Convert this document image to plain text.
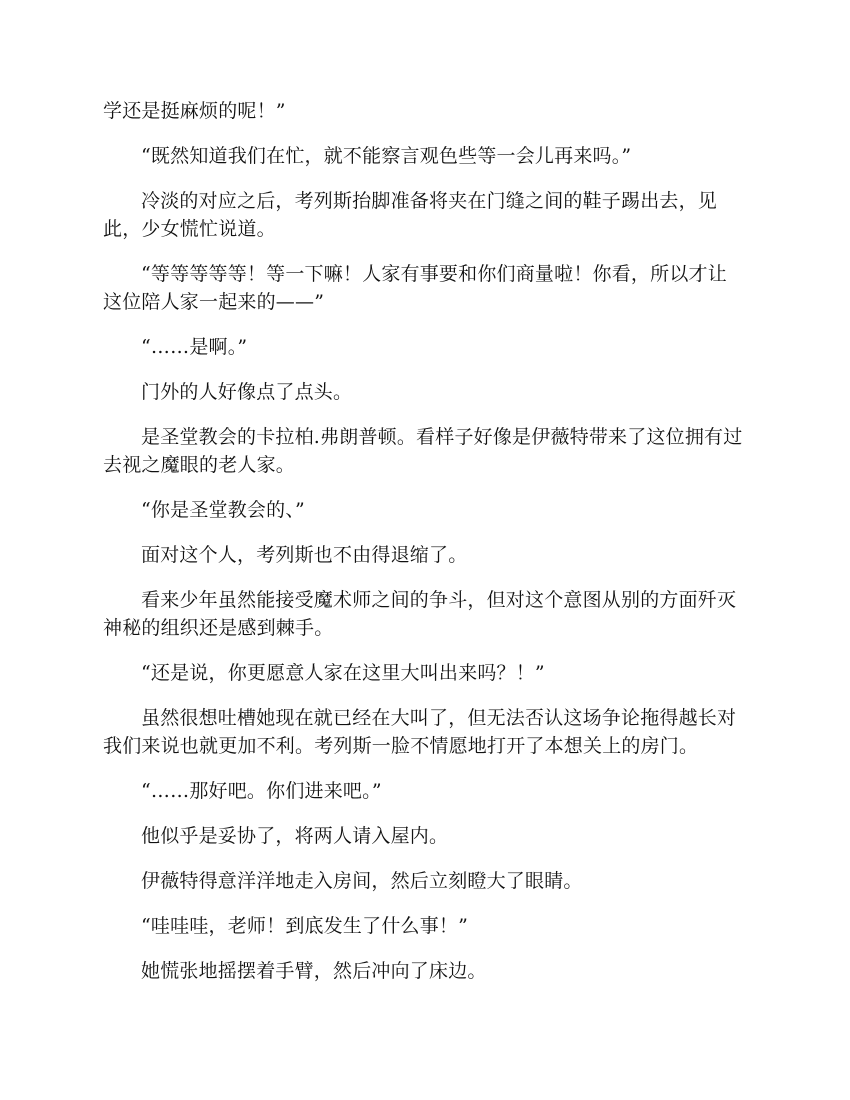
学还是挺麻烦的呢！”

“既然知道我们在忙，就不能察言观色些等一会儿再来吗。”

冷淡的对应之后，考列斯抬脚准备将夹在门缝之间的鞋子踢出去，见此，少女慌忙说道。

“等等等等等！等一下嘛！人家有事要和你们商量啦！你看，所以才让这位陪人家一起来的——”

“……是啊。”

门外的人好像点了点头。

是圣堂教会的卡拉柏.弗朗普顿。看样子好像是伊薇特带来了这位拥有过去视之魔眼的老人家。

“你是圣堂教会的、”

面对这个人，考列斯也不由得退缩了。

看来少年虽然能接受魔术师之间的争斗，但对这个意图从别的方面歼灭神秘的组织还是感到棘手。

“还是说，你更愿意人家在这里大叫出来吗？！”

虽然很想吐槽她现在就已经在大叫了，但无法否认这场争论拖得越长对我们来说也就更加不利。考列斯一脸不情愿地打开了本想关上的房门。

“……那好吧。你们进来吧。”

他似乎是妥协了，将两人请入屋内。

伊薇特得意洋洋地走入房间，然后立刻瞪大了眼睛。

“哇哇哇，老师！到底发生了什么事！”

她慌张地摇摆着手臂，然后冲向了床边。
